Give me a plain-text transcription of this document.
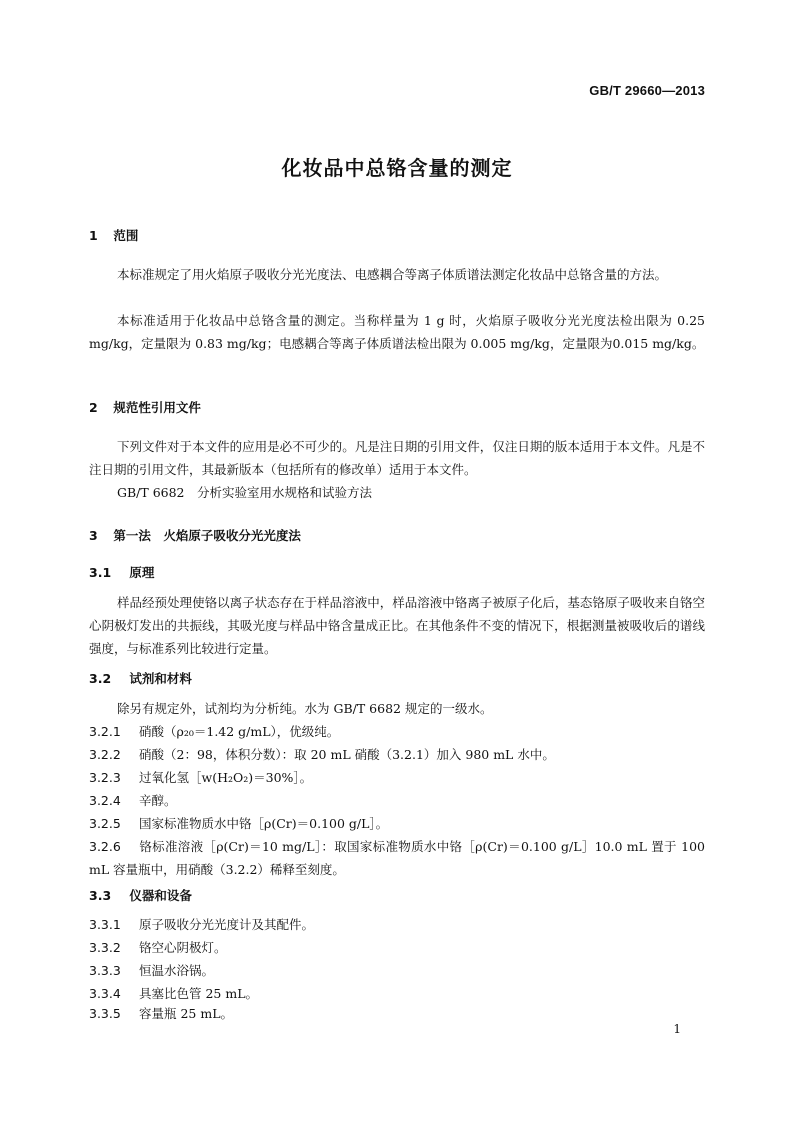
GB/T 29660—2013
化妆品中总铬含量的测定
1 范围
本标准规定了用火焰原子吸收分光光度法、电感耦合等离子体质谱法测定化妆品中总铬含量的方法。
本标准适用于化妆品中总铬含量的测定。当称样量为 1 g 时，火焰原子吸收分光光度法检出限为 0.25 mg/kg，定量限为 0.83 mg/kg；电感耦合等离子体质谱法检出限为 0.005 mg/kg，定量限为0.015 mg/kg。
2 规范性引用文件
下列文件对于本文件的应用是必不可少的。凡是注日期的引用文件，仅注日期的版本适用于本文件。凡是不注日期的引用文件，其最新版本（包括所有的修改单）适用于本文件。
GB/T 6682　分析实验室用水规格和试验方法
3 第一法　火焰原子吸收分光光度法
3.1 原理
样品经预处理使铬以离子状态存在于样品溶液中，样品溶液中铬离子被原子化后，基态铬原子吸收来自铬空心阴极灯发出的共振线，其吸光度与样品中铬含量成正比。在其他条件不变的情况下，根据测量被吸收后的谱线强度，与标准系列比较进行定量。
3.2 试剂和材料
除另有规定外，试剂均为分析纯。水为 GB/T 6682 规定的一级水。
3.2.1 硝酸（ρ₂₀＝1.42 g/mL），优级纯。
3.2.2 硝酸（2：98，体积分数）：取 20 mL 硝酸（3.2.1）加入 980 mL 水中。
3.2.3 过氧化氢［w(H₂O₂)＝30%］。
3.2.4 辛醇。
3.2.5 国家标准物质水中铬［ρ(Cr)＝0.100 g/L］。
3.2.6 铬标准溶液［ρ(Cr)＝10 mg/L］：取国家标准物质水中铬［ρ(Cr)＝0.100 g/L］10.0 mL 置于 100 mL 容量瓶中，用硝酸（3.2.2）稀释至刻度。
3.3 仪器和设备
3.3.1 原子吸收分光光度计及其配件。
3.3.2 铬空心阴极灯。
3.3.3 恒温水浴锅。
3.3.4 具塞比色管 25 mL。
3.3.5 容量瓶 25 mL。
1
